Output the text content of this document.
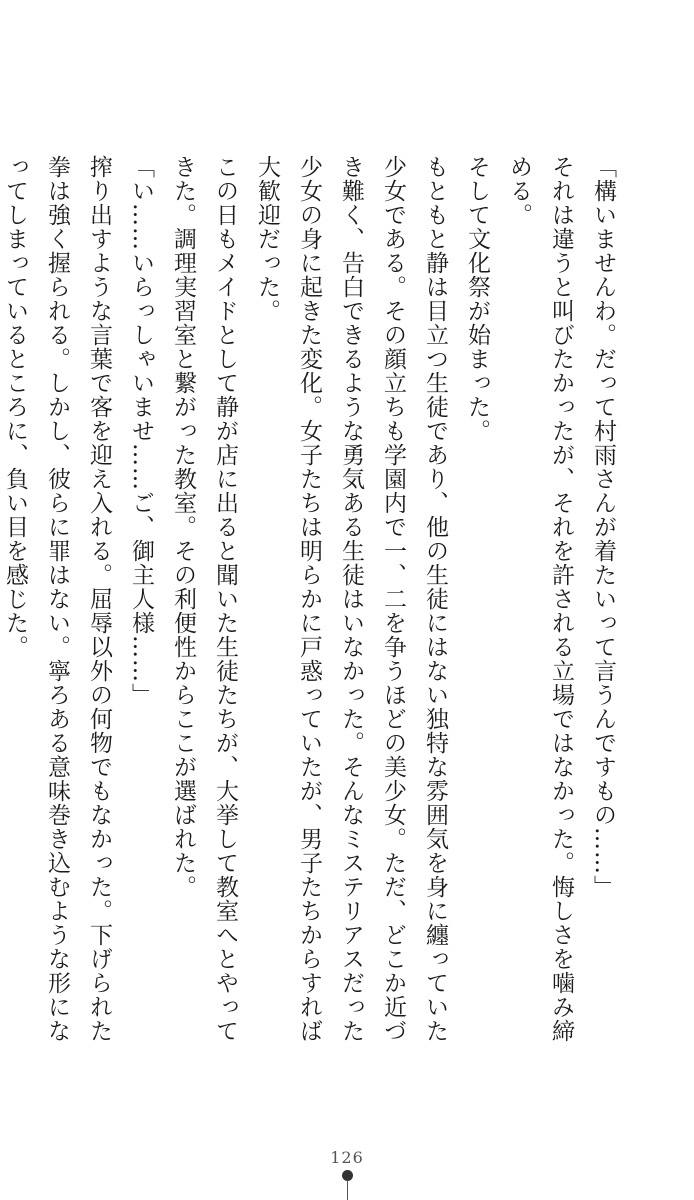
「構いませんわ。だって村雨さんが着たいって言うんですもの……」

それは違うと叫びたかったが、それを許される立場ではなかった。悔しさを噛み締める。

そして文化祭が始まった。

もともと静は目立つ生徒であり、他の生徒にはない独特な雰囲気を身に纏っていた少女である。その顔立ちも学園内で一、二を争うほどの美少女。ただ、どこか近づき難く、告白できるような勇気ある生徒はいなかった。そんなミステリアスだった少女の身に起きた変化。女子たちは明らかに戸惑っていたが、男子たちからすれば大歓迎だった。

この日もメイドとして静が店に出ると聞いた生徒たちが、大挙して教室へとやってきた。調理実習室と繋がった教室。その利便性からここが選ばれた。

「い……いらっしゃいませ……ご、御主人様……」

搾り出すような言葉で客を迎え入れる。屈辱以外の何物でもなかった。下げられた拳は強く握られる。しかし、彼らに罪はない。寧ろある意味巻き込むような形になってしまっているところに、負い目を感じた。

126
